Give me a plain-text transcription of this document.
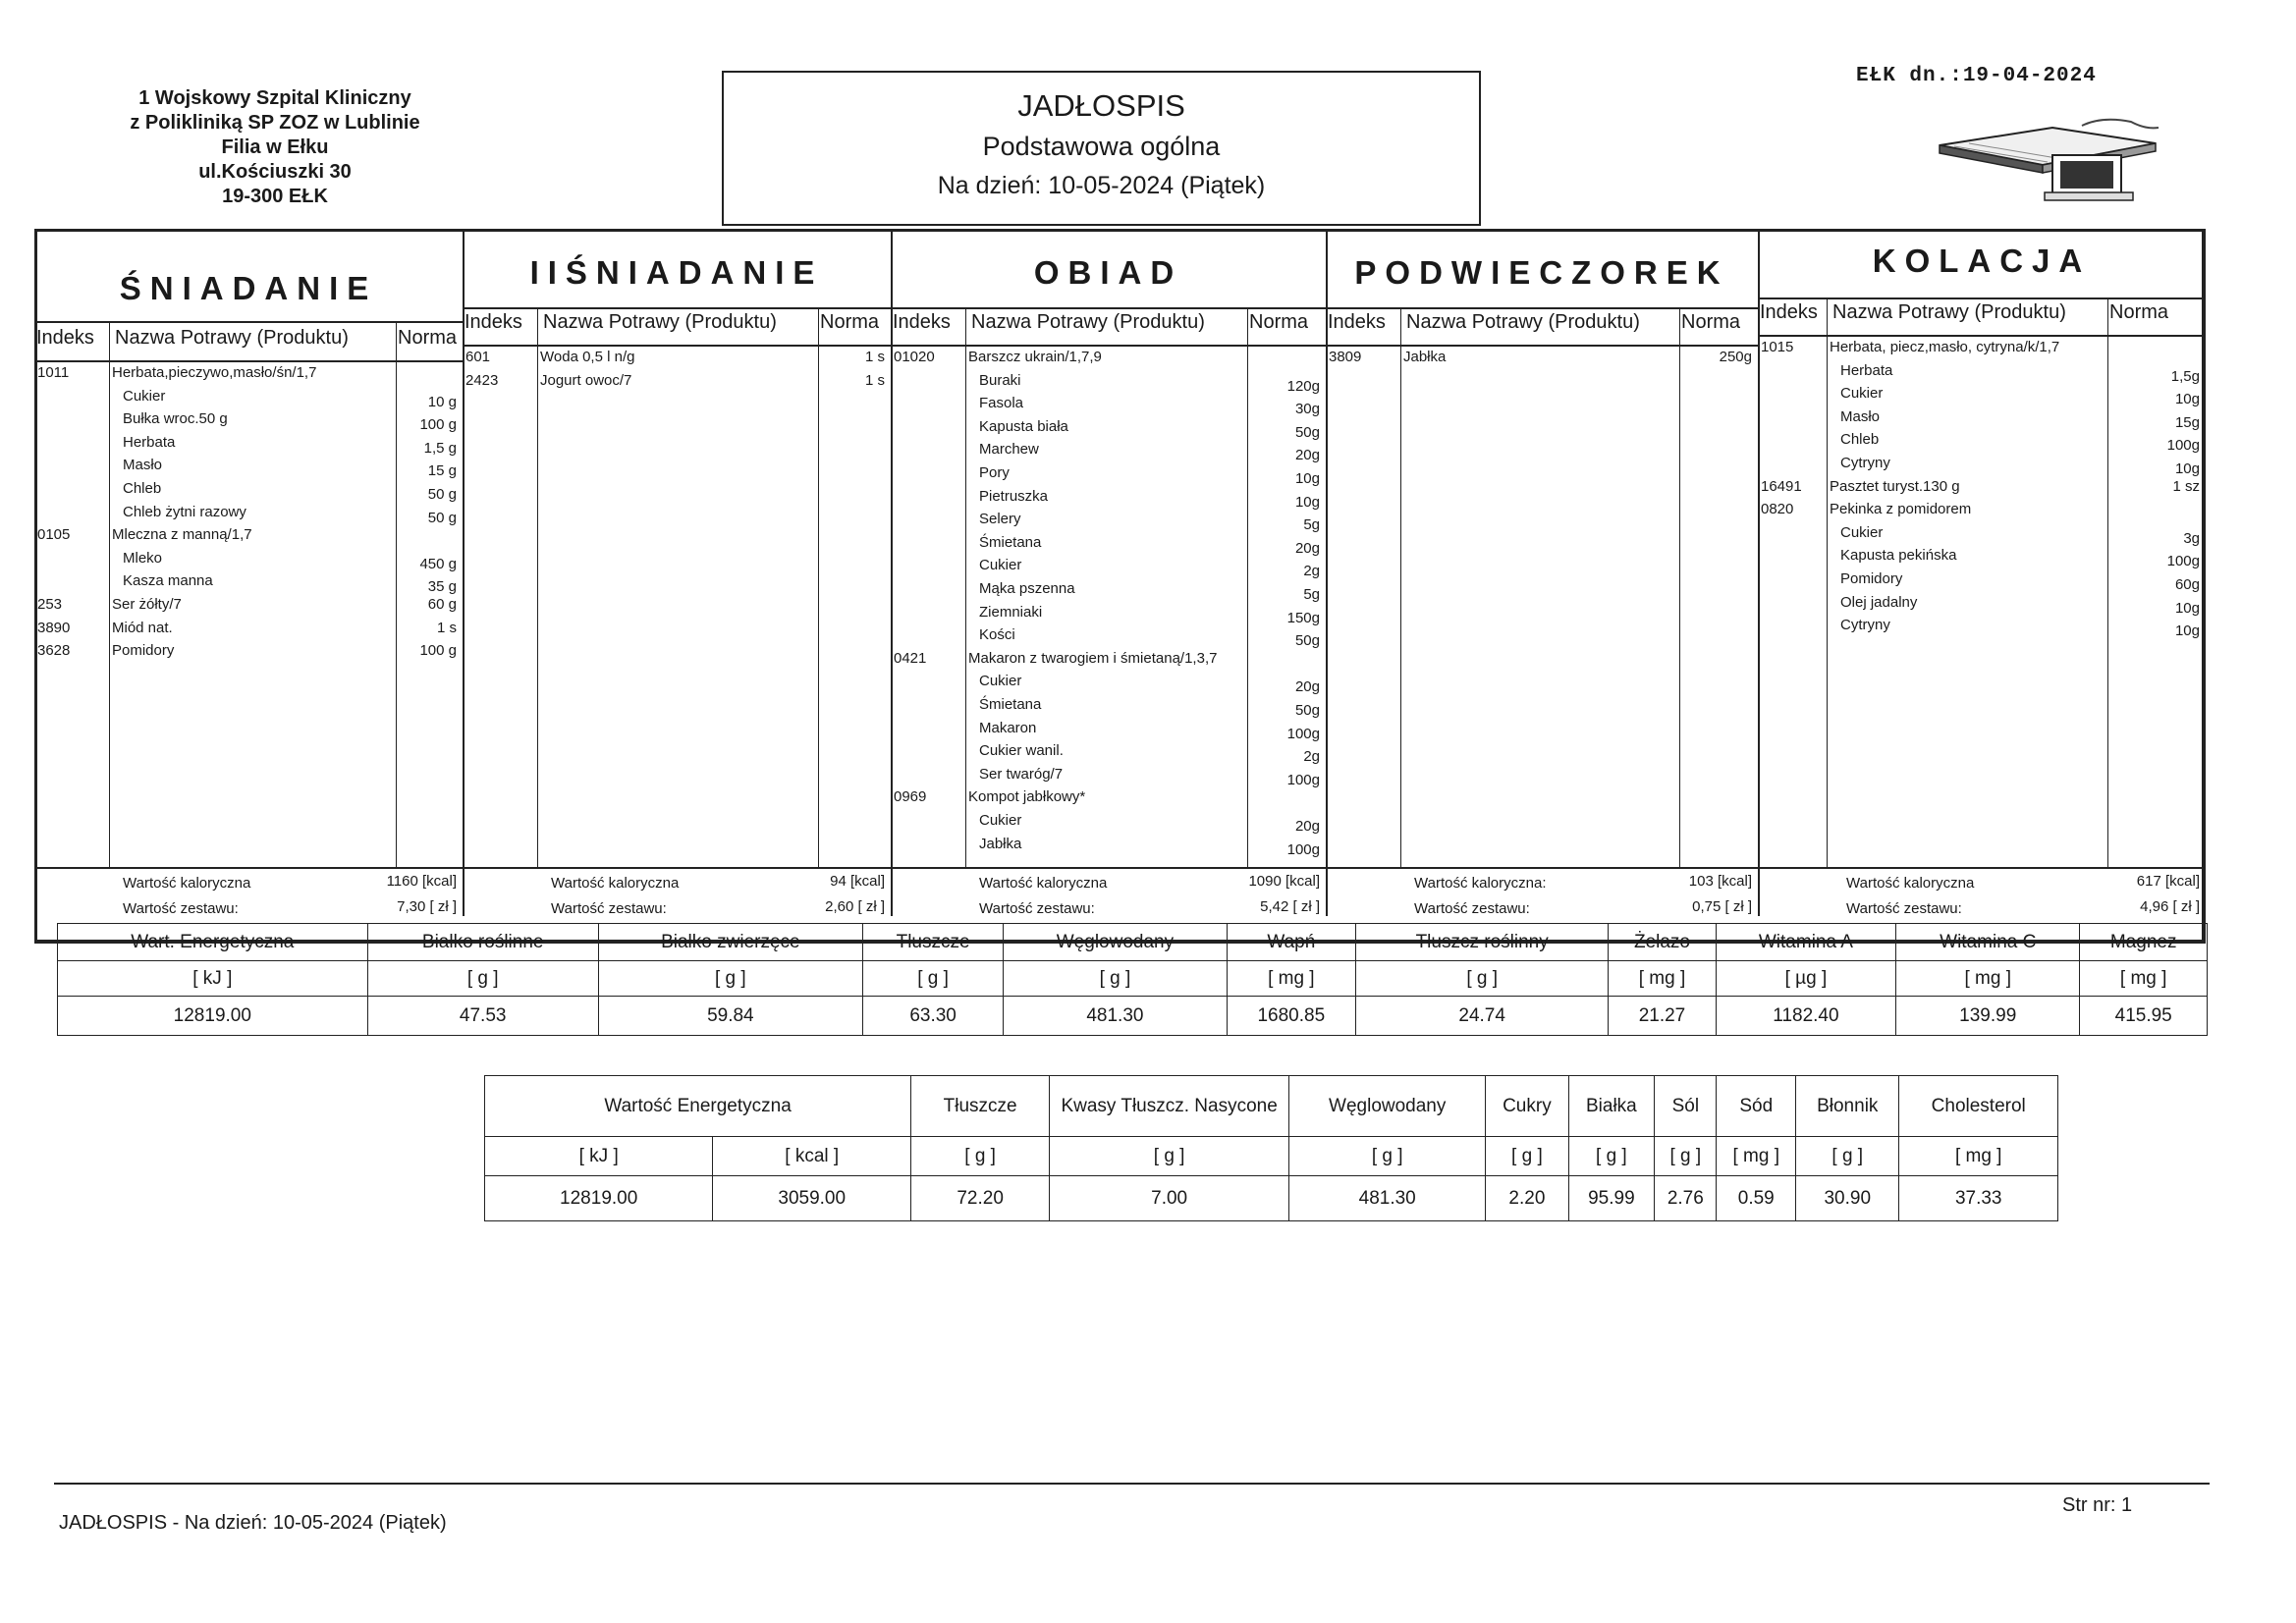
1 Wojskowy Szpital Kliniczny
z Polikliniką SP ZOZ w Lublinie
Filia w Ełku
ul.Kościuszki 30
19-300 EŁK
JADŁOSPIS
Podstawowa ogólna
Na dzień: 10-05-2024 (Piątek)
EŁK dn.:19-04-2024
ŚNIADANIE
Indeks Nazwa Potrawy (Produktu)	Norma
1011	Herbata,pieczywo,masło/śn/1,7
Cukier	10 g
Bułka wroc.50 g	100 g
Herbata	1,5 g
Masło	15 g
Chleb	50 g
Chleb żytni razowy	50 g
0105	Mleczna z manną/1,7
Mleko	450 g
Kasza manna	35 g
253	Ser żółty/7	60 g
3890	Miód nat.	1 s
3628	Pomidory	100 g
Wartość kaloryczna	1160 [kcal]
Wartość zestawu:	7,30 [ zł ]
IIŚNIADANIE
Indeks Nazwa Potrawy (Produktu) Norma
601	Woda 0,5 l n/g	1 s
2423	Jogurt owoc/7	1 s
Wartość kaloryczna	94 [kcal]
Wartość zestawu:	2,60 [ zł ]
OBIAD
Indeks Nazwa Potrawy (Produktu) Norma
01020 Barszcz ukrain/1,7,9
Buraki	120g
Fasola	30g
Kapusta biała	50g
Marchew	20g
Pory	10g
Pietruszka	10g
Selery	5g
Śmietana	20g
Cukier	2g
Mąka pszenna	5g
Ziemniaki	150g
Kości	50g
0421	Makaron z twarogiem i śmietaną/1,3,7
Cukier	20g
Śmietana	50g
Makaron	100g
Cukier wanil.	2g
Ser twaróg/7	100g
0969	Kompot jabłkowy*
Cukier	20g
Jabłka	100g
Wartość kaloryczna	1090 [kcal]
Wartość zestawu:	5,42 [ zł ]
PODWIECZOREK
Indeks Nazwa Potrawy (Produktu) Norma
3809	Jabłka	250g
Wartość kaloryczna:	103 [kcal]
Wartość zestawu:	0,75 [ zł ]
KOLACJA
Indeks Nazwa Potrawy (Produktu) Norma
1015 Herbata, piecz,masło, cytryna/k/1,7
Herbata	1,5g
Cukier	10g
Masło	15g
Chleb	100g
Cytryny	10g
16491 Pasztet turyst.130 g	1 sz
0820 Pekinka z pomidorem
Cukier	3g
Kapusta pekińska	100g
Pomidory	60g
Olej jadalny	10g
Cytryny	10g
Wartość kaloryczna	617 [kcal]
Wartość zestawu:	4,96 [ zł ]
Wart. Energetyczna	Białko roślinne	Białko zwierzęce	Tłuszcze	Węglowodany	Wapń	Tłuszcz roślinny	Żelazo	Witamina A	Witamina C	Magnez
[ kJ ]	[ g ]	[ g ]	[ g ]	[ g ]	[ mg ]	[ g ]	[ mg ]	[ µg ]	[ mg ]	[ mg ]
12819.00	47.53	59.84	63.30	481.30	1680.85	24.74	21.27	1182.40	139.99	415.95
Wartość Energetyczna		Tłuszcze	Kwasy Tłuszcz. Nasycone	Węglowodany	Cukry	Białka	Sól	Sód	Błonnik	Cholesterol
[ kJ ]	[ kcal ]	[ g ]	[ g ]	[ g ]	[ g ]	[ g ]	[ g ]	[ mg ]	[ g ]	[ mg ]
12819.00	3059.00	72.20	7.00	481.30	2.20	95.99	2.76	0.59	30.90	37.33
JADŁOSPIS - Na dzień: 10-05-2024 (Piątek)
Str nr: 1
